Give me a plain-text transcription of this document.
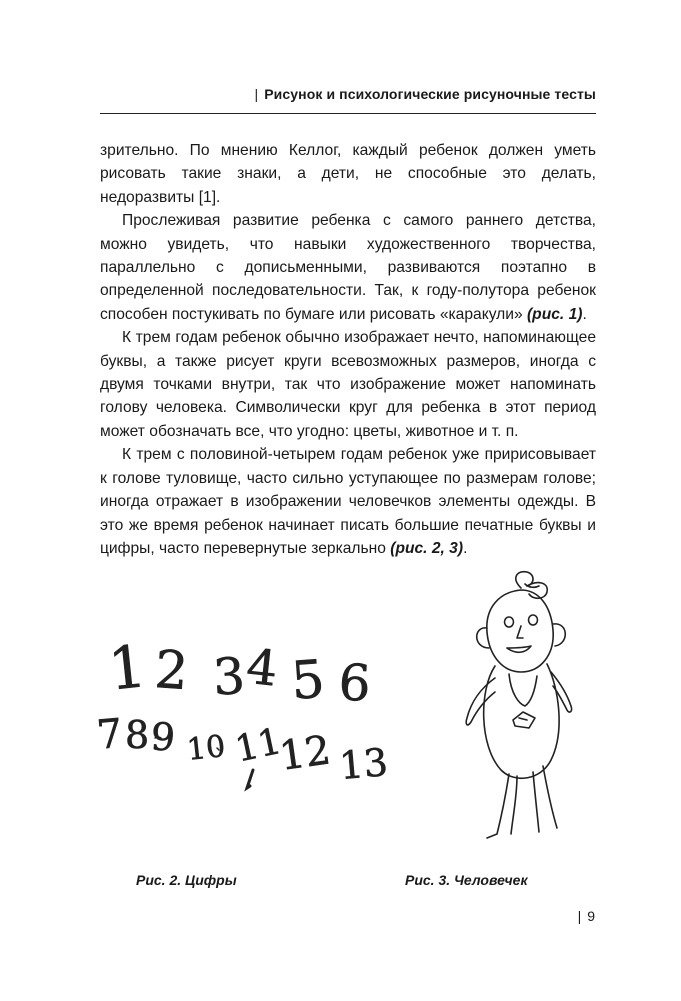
| Рисунок и психологические рисуночные тесты

зрительно. По мнению Келлог, каждый ребенок должен уметь рисовать такие знаки, а дети, не способные это делать, недоразвиты [1].

Прослеживая развитие ребенка с самого раннего детства, можно увидеть, что навыки художественного творчества, параллельно с дописьменными, развиваются поэтапно в определенной последовательности. Так, к году-полутора ребенок способен постукивать по бумаге или рисовать «каракули» (рис. 1).

К трем годам ребенок обычно изображает нечто, напоминающее буквы, а также рисует круги всевозможных размеров, иногда с двумя точками внутри, так что изображение может напоминать голову человека. Символически круг для ребенка в этот период может обозначать все, что угодно: цветы, животное и т. п.

К трем с половиной-четырем годам ребенок уже пририсовывает к голове туловище, часто сильно уступающее по размерам голове; иногда отражает в изображении человечков элементы одежды. В это же время ребенок начинает писать большие печатные буквы и цифры, часто перевернутые зеркально (рис. 2, 3).

1 2 3
4 5 6
7 8 9 10 11
12 13
Рис. 2. Цифры	Рис. 3. Человечек
| 9
